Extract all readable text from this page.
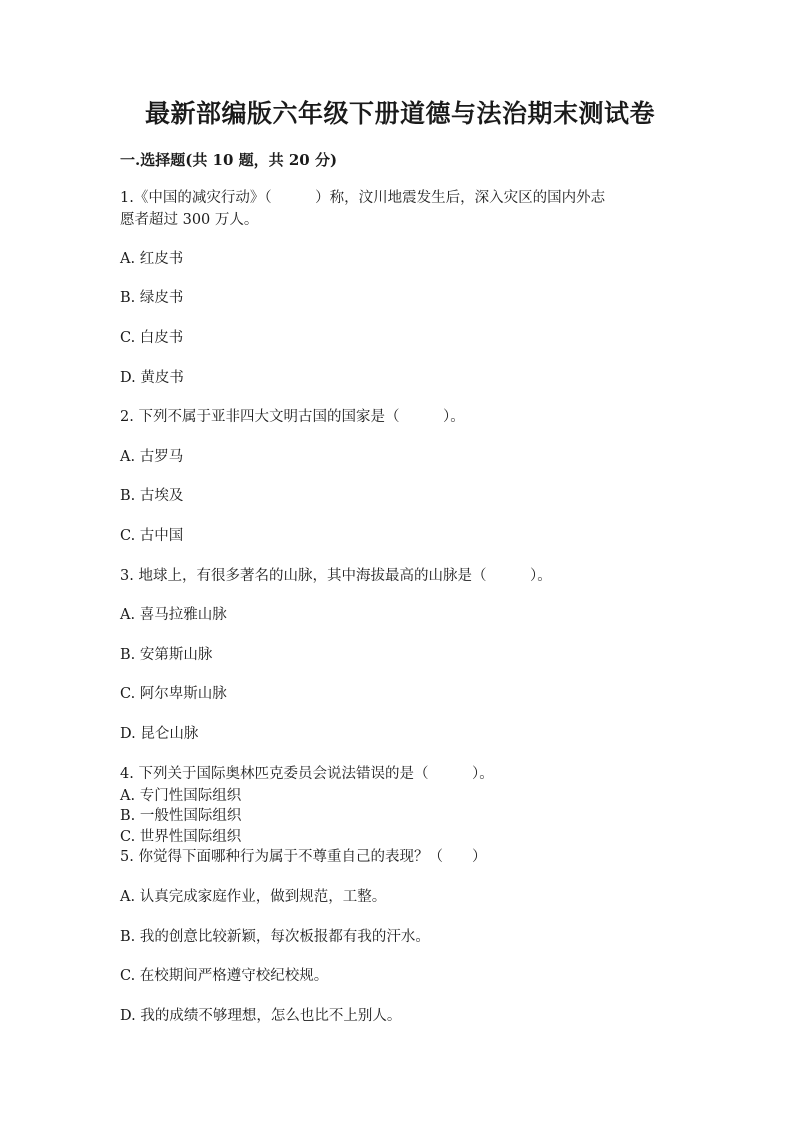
最新部编版六年级下册道德与法治期末测试卷
一.选择题(共 10 题，共 20 分)
1.《中国的减灾行动》（　　　）称，汶川地震发生后，深入灾区的国内外志
愿者超过 300 万人。
A. 红皮书
B. 绿皮书
C. 白皮书
D. 黄皮书
2. 下列不属于亚非四大文明古国的国家是（　　　）。
A. 古罗马
B. 古埃及
C. 古中国
3. 地球上，有很多著名的山脉，其中海拔最高的山脉是（　　　）。
A. 喜马拉雅山脉
B. 安第斯山脉
C. 阿尔卑斯山脉
D. 昆仑山脉
4. 下列关于国际奥林匹克委员会说法错误的是（　　　）。
A. 专门性国际组织
B. 一般性国际组织
C. 世界性国际组织
5. 你觉得下面哪种行为属于不尊重自己的表现？（　　）
A. 认真完成家庭作业，做到规范，工整。
B. 我的创意比较新颖，每次板报都有我的汗水。
C. 在校期间严格遵守校纪校规。
D. 我的成绩不够理想，怎么也比不上别人。
